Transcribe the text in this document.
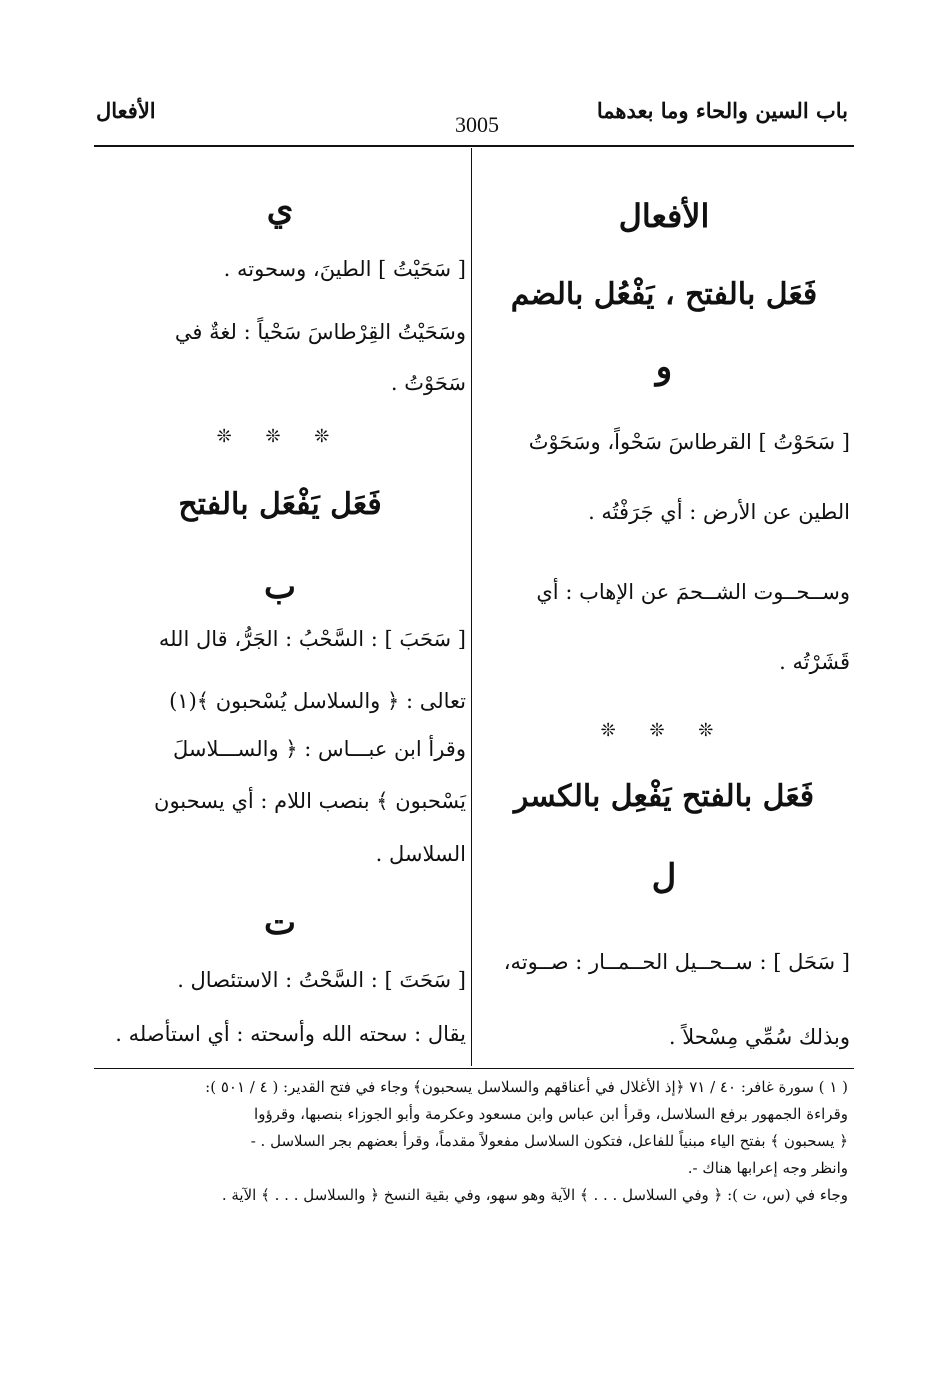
باب السين والحاء وما بعدهما
3005
الأفعال
الأفعال
فَعَل بالفتح ، يَفْعُل بالضم
و
[ سَحَوْتُ ] القرطاسَ سَحْواً، وسَحَوْتُ
الطين عن الأرض : أي جَرَفْتُه .
وســحــوت الشــحمَ عن الإهاب : أي
قَشَرْتُه .
❊ ❊ ❊
فَعَل بالفتح يَفْعِل بالكسر
ل
[ سَحَل ] : ســحــيل الحــمــار : صــوته،
وبذلك سُمِّي مِسْحلاً .
ي
[ سَحَيْتُ ] الطينَ، وسحوته .
وسَحَيْتُ القِرْطاسَ سَحْياً : لغةٌ في
سَحَوْتُ .
❊ ❊ ❊
فَعَل يَفْعَل بالفتح
ب
[ سَحَبَ ] : السَّحْبُ : الجَرُّ، قال الله
تعالى : ﴿ والسلاسل يُسْحبون ﴾(١)
وقرأ ابن عبـــاس : ﴿ والســـلاسلَ
يَسْحبون ﴾ بنصب اللام : أي يسحبون
السلاسل .
ت
[ سَحَتَ ] : السَّحْتُ : الاستئصال .
يقال : سحته الله وأسحته : أي استأصله .
( ١ ) سورة غافر: ٤٠ / ٧١ ﴿إذ الأغلال في أعناقهم والسلاسل يسحبون﴾ وجاء في فتح القدير: ( ٤ / ٥٠١ ):
وقراءة الجمهور برفع السلاسل، وقرأ ابن عباس وابن مسعود وعكرمة وأبو الجوزاء بنصبها، وقرؤوا
﴿ يسحبون ﴾ بفتح الياء مبنياً للفاعل، فتكون السلاسل مفعولاً مقدماً، وقرأ بعضهم بجر السلاسل . -
وانظر وجه إعرابها هناك -.
وجاء في (س، ت ): ﴿ وفي السلاسل . . . ﴾ الآية وهو سهو، وفي بقية النسخ ﴿ والسلاسل . . . ﴾ الآية .
